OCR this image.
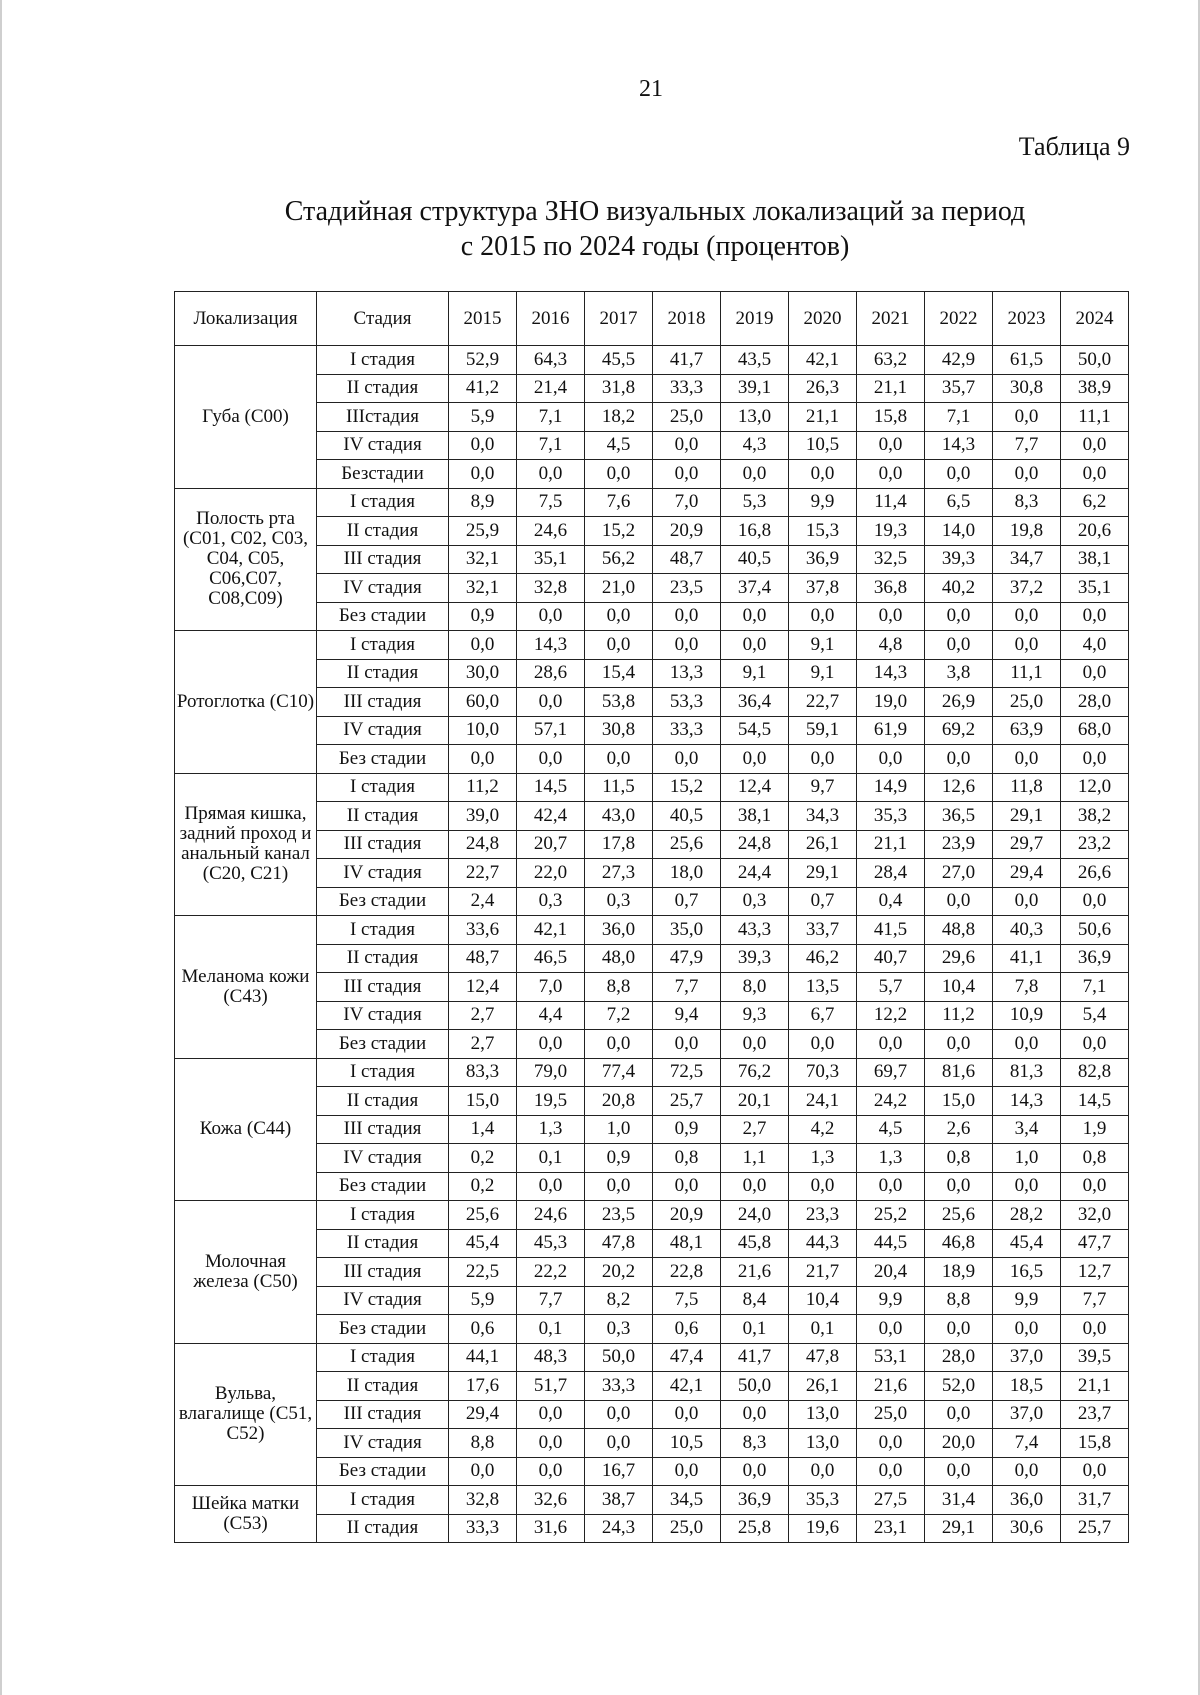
21
Таблица 9
Стадийная структура ЗНО визуальных локализаций за период
с 2015 по 2024 годы (процентов)
Локализация	Стадия	2015	2016	2017	2018	2019	2020	2021	2022	2023	2024
Губа (С00)	I стадия	52,9	64,3	45,5	41,7	43,5	42,1	63,2	42,9	61,5	50,0
	II стадия	41,2	21,4	31,8	33,3	39,1	26,3	21,1	35,7	30,8	38,9
	IIIстадия	5,9	7,1	18,2	25,0	13,0	21,1	15,8	7,1	0,0	11,1
	IV стадия	0,0	7,1	4,5	0,0	4,3	10,5	0,0	14,3	7,7	0,0
	Безстадии	0,0	0,0	0,0	0,0	0,0	0,0	0,0	0,0	0,0	0,0
Полость рта (С01, С02, С03, С04, С05, С06,С07, С08,С09)	I стадия	8,9	7,5	7,6	7,0	5,3	9,9	11,4	6,5	8,3	6,2
	II стадия	25,9	24,6	15,2	20,9	16,8	15,3	19,3	14,0	19,8	20,6
	III стадия	32,1	35,1	56,2	48,7	40,5	36,9	32,5	39,3	34,7	38,1
	IV стадия	32,1	32,8	21,0	23,5	37,4	37,8	36,8	40,2	37,2	35,1
	Без стадии	0,9	0,0	0,0	0,0	0,0	0,0	0,0	0,0	0,0	0,0
Ротоглотка (С10)	I стадия	0,0	14,3	0,0	0,0	0,0	9,1	4,8	0,0	0,0	4,0
	II стадия	30,0	28,6	15,4	13,3	9,1	9,1	14,3	3,8	11,1	0,0
	III стадия	60,0	0,0	53,8	53,3	36,4	22,7	19,0	26,9	25,0	28,0
	IV стадия	10,0	57,1	30,8	33,3	54,5	59,1	61,9	69,2	63,9	68,0
	Без стадии	0,0	0,0	0,0	0,0	0,0	0,0	0,0	0,0	0,0	0,0
Прямая кишка, задний проход и анальный канал (С20, С21)	I стадия	11,2	14,5	11,5	15,2	12,4	9,7	14,9	12,6	11,8	12,0
	II стадия	39,0	42,4	43,0	40,5	38,1	34,3	35,3	36,5	29,1	38,2
	III стадия	24,8	20,7	17,8	25,6	24,8	26,1	21,1	23,9	29,7	23,2
	IV стадия	22,7	22,0	27,3	18,0	24,4	29,1	28,4	27,0	29,4	26,6
	Без стадии	2,4	0,3	0,3	0,7	0,3	0,7	0,4	0,0	0,0	0,0
Меланома кожи (С43)	I стадия	33,6	42,1	36,0	35,0	43,3	33,7	41,5	48,8	40,3	50,6
	II стадия	48,7	46,5	48,0	47,9	39,3	46,2	40,7	29,6	41,1	36,9
	III стадия	12,4	7,0	8,8	7,7	8,0	13,5	5,7	10,4	7,8	7,1
	IV стадия	2,7	4,4	7,2	9,4	9,3	6,7	12,2	11,2	10,9	5,4
	Без стадии	2,7	0,0	0,0	0,0	0,0	0,0	0,0	0,0	0,0	0,0
Кожа (С44)	I стадия	83,3	79,0	77,4	72,5	76,2	70,3	69,7	81,6	81,3	82,8
	II стадия	15,0	19,5	20,8	25,7	20,1	24,1	24,2	15,0	14,3	14,5
	III стадия	1,4	1,3	1,0	0,9	2,7	4,2	4,5	2,6	3,4	1,9
	IV стадия	0,2	0,1	0,9	0,8	1,1	1,3	1,3	0,8	1,0	0,8
	Без стадии	0,2	0,0	0,0	0,0	0,0	0,0	0,0	0,0	0,0	0,0
Молочная железа (С50)	I стадия	25,6	24,6	23,5	20,9	24,0	23,3	25,2	25,6	28,2	32,0
	II стадия	45,4	45,3	47,8	48,1	45,8	44,3	44,5	46,8	45,4	47,7
	III стадия	22,5	22,2	20,2	22,8	21,6	21,7	20,4	18,9	16,5	12,7
	IV стадия	5,9	7,7	8,2	7,5	8,4	10,4	9,9	8,8	9,9	7,7
	Без стадии	0,6	0,1	0,3	0,6	0,1	0,1	0,0	0,0	0,0	0,0
Вульва, влагалище (С51, С52)	I стадия	44,1	48,3	50,0	47,4	41,7	47,8	53,1	28,0	37,0	39,5
	II стадия	17,6	51,7	33,3	42,1	50,0	26,1	21,6	52,0	18,5	21,1
	III стадия	29,4	0,0	0,0	0,0	0,0	13,0	25,0	0,0	37,0	23,7
	IV стадия	8,8	0,0	0,0	10,5	8,3	13,0	0,0	20,0	7,4	15,8
	Без стадии	0,0	0,0	16,7	0,0	0,0	0,0	0,0	0,0	0,0	0,0
Шейка матки (С53)	I стадия	32,8	32,6	38,7	34,5	36,9	35,3	27,5	31,4	36,0	31,7
	II стадия	33,3	31,6	24,3	25,0	25,8	19,6	23,1	29,1	30,6	25,7
